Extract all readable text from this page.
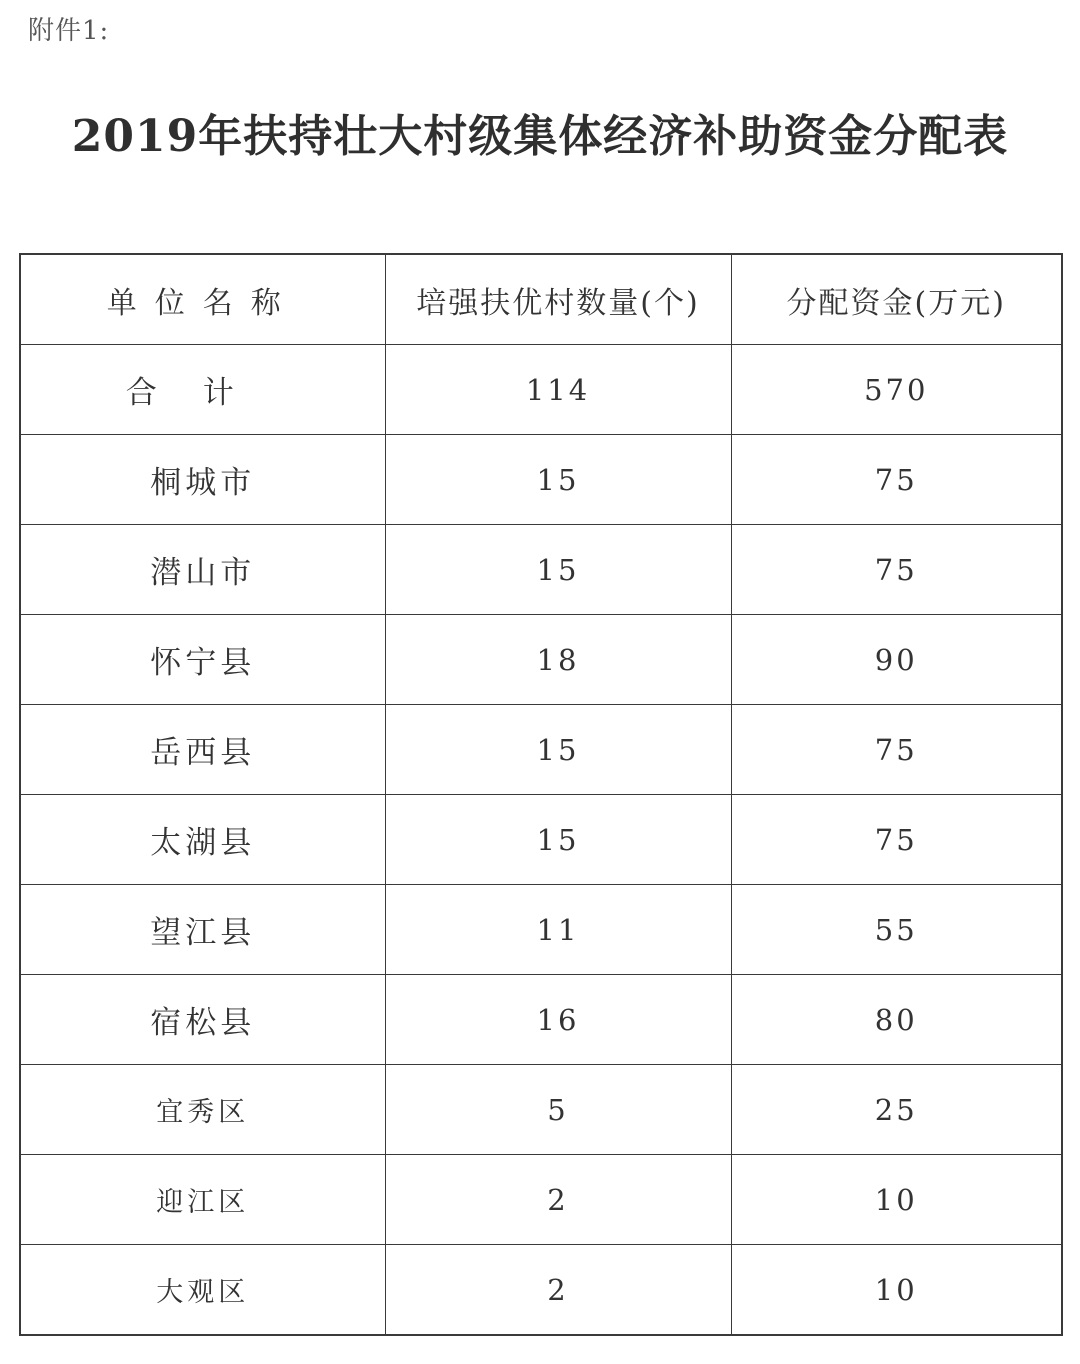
附件1:
2019年扶持壮大村级集体经济补助资金分配表
单位名称	培强扶优村数量(个)	分配资金(万元)
合计	114	570
桐城市	15	75
潜山市	15	75
怀宁县	18	90
岳西县	15	75
太湖县	15	75
望江县	11	55
宿松县	16	80
宜秀区	5	25
迎江区	2	10
大观区	2	10
